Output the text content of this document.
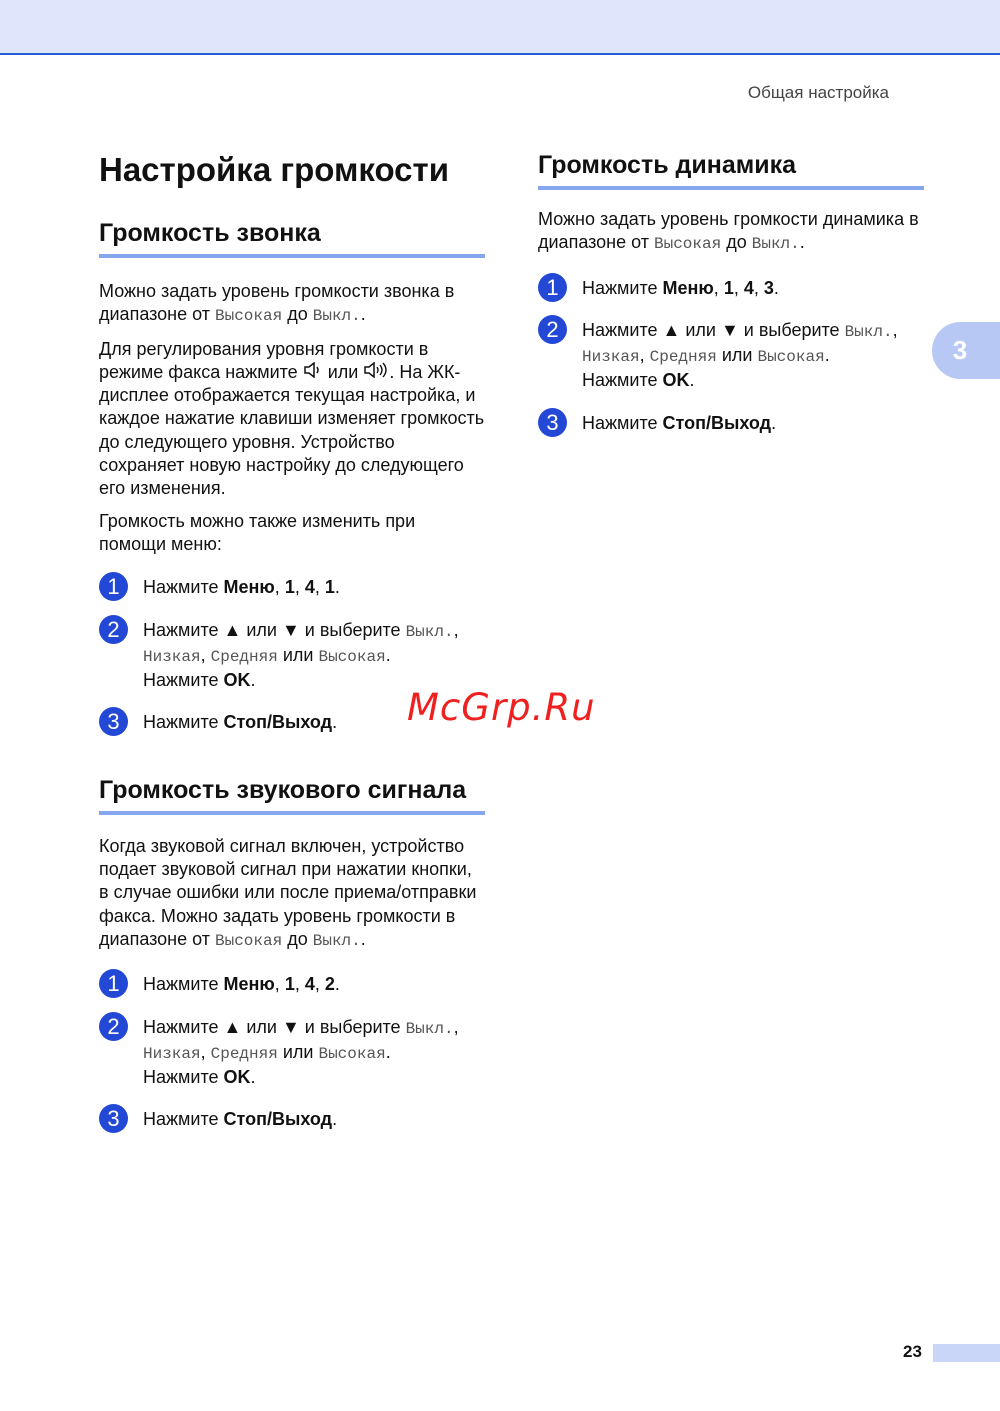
Общая настройка
3
Настройка громкости
Громкость звонка

Можно задать уровень громкости звонка в диапазоне от Высокая до Выкл..

Для регулирования уровня громкости в режиме факса нажмите  или . На ЖК-дисплее отображается текущая настройка, и каждое нажатие клавиши изменяет громкость до следующего уровня. Устройство сохраняет новую настройку до следующего его изменения.

Громкость можно также изменить при помощи меню:

1	Нажмите Меню, 1, 4, 1.
2	Нажмите ▲ или ▼ и выберите Выкл.,
Низкая, Средняя или Высокая.
Нажмите OK.
3	Нажмите Стоп/Выход.
Громкость звукового сигнала

Когда звуковой сигнал включен, устройство подает звуковой сигнал при нажатии кнопки, в случае ошибки или после приема/отправки факса. Можно задать уровень громкости в диапазоне от Высокая до Выкл..

1	Нажмите Меню, 1, 4, 2.
2	Нажмите ▲ или ▼ и выберите Выкл.,
Низкая, Средняя или Высокая.
Нажмите OK.
3	Нажмите Стоп/Выход.
Громкость динамика

Можно задать уровень громкости динамика в диапазоне от Высокая до Выкл..

1	Нажмите Меню, 1, 4, 3.
2	Нажмите ▲ или ▼ и выберите Выкл.,
Низкая, Средняя или Высокая.
Нажмите OK.
3	Нажмите Стоп/Выход.
McGrp.Ru
23
